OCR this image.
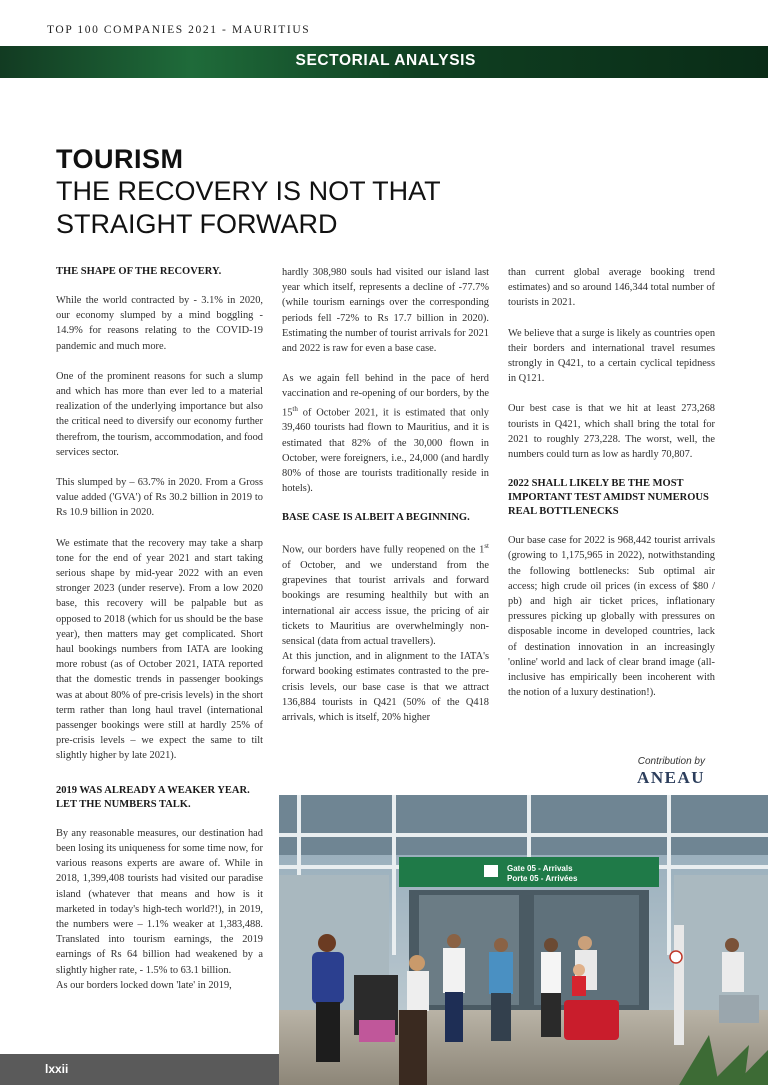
TOP 100 COMPANIES 2021 - MAURITIUS
SECTORIAL ANALYSIS
TOURISM
THE RECOVERY IS NOT THAT STRAIGHT FORWARD
THE SHAPE OF THE RECOVERY.

While the world contracted by - 3.1% in 2020, our economy slumped by a mind boggling - 14.9% for reasons relating to the COVID-19 pandemic and much more.

One of the prominent reasons for such a slump and which has more than ever led to a material realization of the underlying importance but also the critical need to diversify our economy further therefrom, the tourism, accommodation, and food services sector.

This slumped by – 63.7% in 2020. From a Gross value added ('GVA') of Rs 30.2 billion in 2019 to Rs 10.9 billion in 2020.

We estimate that the recovery may take a sharp tone for the end of year 2021 and start taking serious shape by mid-year 2022 with an even stronger 2023 (under reserve). From a low 2020 base, this recovery will be palpable but as opposed to 2018 (which for us should be the base year), then matters may get complicated. Short haul bookings numbers from IATA are looking more robust (as of October 2021, IATA reported that the domestic trends in passenger bookings was at about 80% of pre-crisis levels) in the short term rather than long haul travel (international passenger bookings were still at hardly 25% of pre-crisis levels – we expect the same to tilt slightly higher by late 2021).

2019 WAS ALREADY A WEAKER YEAR. LET THE NUMBERS TALK.

By any reasonable measures, our destination had been losing its uniqueness for some time now, for various reasons experts are aware of. While in 2018, 1,399,408 tourists had visited our paradise island (whatever that means and how is it marketed in today's high-tech world?!), in 2019, the numbers were – 1.1% weaker at 1,383,488. Translated into tourism earnings, the 2019 earnings of Rs 64 billion had weakened by a slightly higher rate, - 1.5% to 63.1 billion.

As our borders locked down 'late' in 2019,

hardly 308,980 souls had visited our island last year which itself, represents a decline of -77.7% (while tourism earnings over the corresponding periods fell -72% to Rs 17.7 billion in 2020). Estimating the number of tourist arrivals for 2021 and 2022 is raw for even a base case.

As we again fell behind in the pace of herd vaccination and re-opening of our borders, by the 15th of October 2021, it is estimated that only 39,460 tourists had flown to Mauritius, and it is estimated that 82% of the 30,000 flown in October, were foreigners, i.e., 24,000 (and hardly 80% of those are tourists traditionally reside in hotels).

BASE CASE IS ALBEIT A BEGINNING.

Now, our borders have fully reopened on the 1st of October, and we understand from the grapevines that tourist arrivals and forward bookings are resuming healthily but with an international air access issue, the pricing of air tickets to Mauritius are overwhelmingly non-sensical (data from actual travellers).

At this junction, and in alignment to the IATA's forward booking estimates contrasted to the pre-crisis levels, our base case is that we attract 136,884 tourists in Q421 (50% of the Q418 arrivals, which is itself, 20% higher

than current global average booking trend estimates) and so around 146,344 total number of tourists in 2021.

We believe that a surge is likely as countries open their borders and international travel resumes strongly in Q421, to a certain cyclical tepidness in Q121.

Our best case is that we hit at least 273,268 tourists in Q421, which shall bring the total for 2021 to roughly 273,228. The worst, well, the numbers could turn as low as hardly 70,807.

2022 SHALL LIKELY BE THE MOST IMPORTANT TEST AMIDST NUMEROUS REAL BOTTLENECKS

Our base case for 2022 is 968,442 tourist arrivals (growing to 1,175,965 in 2022), notwithstanding the following bottlenecks: Sub optimal air access; high crude oil prices (in excess of $80 / pb) and high air ticket prices, inflationary pressures picking up globally with pressures on disposable income in developed countries, lack of destination innovation in an increasingly 'online' world and lack of clear brand image (all-inclusive has empirically been incoherent with the notion of a luxury destination!).

Contribution by
ANEAU
Gate 05 - Arrivals
Porte 05 - Arrivées
lxxii
